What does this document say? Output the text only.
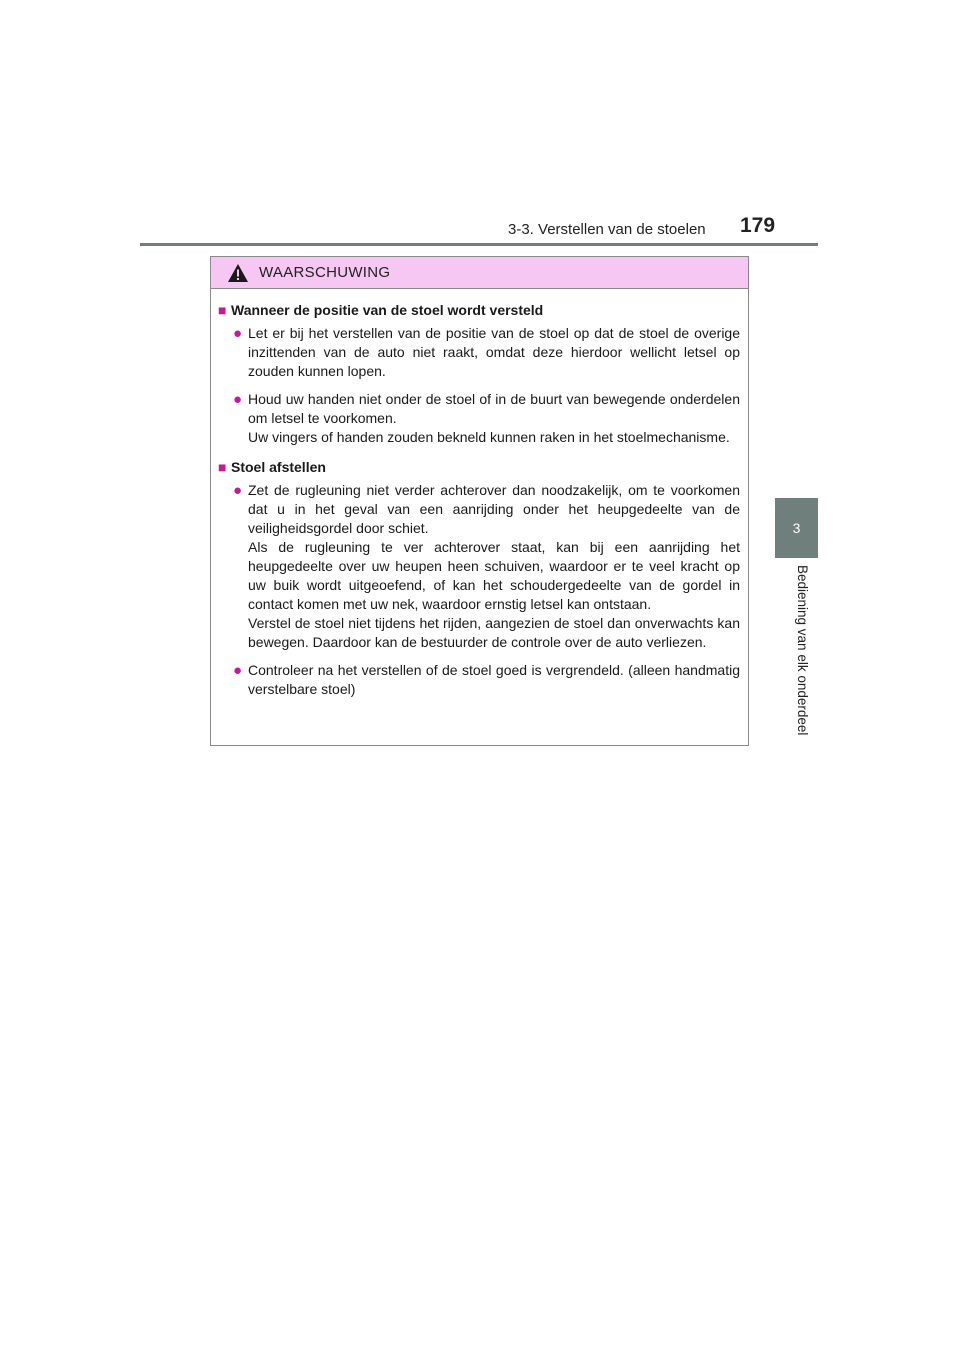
3-3. Verstellen van de stoelen 179
3
Bediening van elk onderdeel
WAARSCHUWING
■ Wanneer de positie van de stoel wordt versteld
● Let er bij het verstellen van de positie van de stoel op dat de stoel de overige inzittenden van de auto niet raakt, omdat deze hierdoor wellicht letsel op zouden kunnen lopen.
● Houd uw handen niet onder de stoel of in de buurt van bewegende onderdelen om letsel te voorkomen.
Uw vingers of handen zouden bekneld kunnen raken in het stoelmechanisme.
■ Stoel afstellen
● Zet de rugleuning niet verder achterover dan noodzakelijk, om te voorkomen dat u in het geval van een aanrijding onder het heupgedeelte van de veiligheidsgordel door schiet.
Als de rugleuning te ver achterover staat, kan bij een aanrijding het heupgedeelte over uw heupen heen schuiven, waardoor er te veel kracht op uw buik wordt uitgeoefend, of kan het schoudergedeelte van de gordel in contact komen met uw nek, waardoor ernstig letsel kan ontstaan.
Verstel de stoel niet tijdens het rijden, aangezien de stoel dan onverwachts kan bewegen. Daardoor kan de bestuurder de controle over de auto verliezen.
● Controleer na het verstellen of de stoel goed is vergrendeld. (alleen handmatig verstelbare stoel)
